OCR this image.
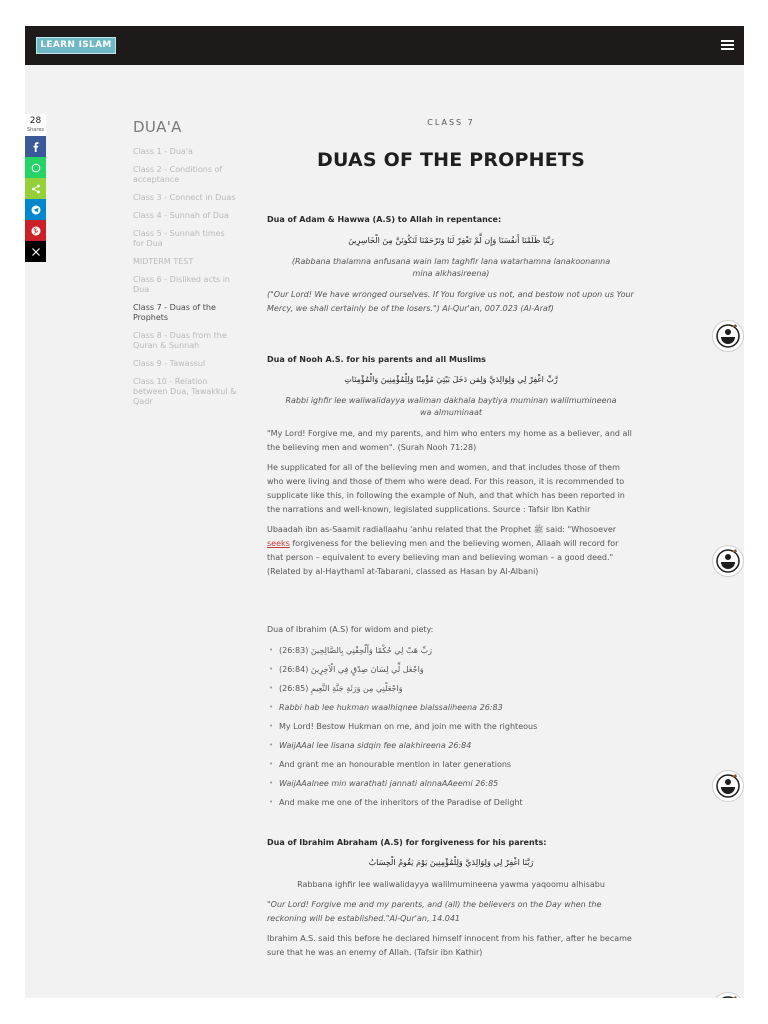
LEARN ISLAM
28
Shares	DUA'A
Class 1 - Dua'a
Class 2 - Conditions of acceptance
Class 3 - Connect in Duas
Class 4 - Sunnah of Dua
Class 5 - Sunnah times for Dua
MIDTERM TEST
Class 6 - Disliked acts in Dua
Class 7 - Duas of the Prophets
Class 8 - Duas from the Quran & Sunnah
Class 9 - Tawassul
Class 10 - Relation between Dua, Tawakkul & Qadr
CLASS 7
DUAS OF THE PROPHETS
Dua of Adam & Hawwa (A.S) to Allah in repentance:
رَبَّنَا ظَلَمْنَا أَنفُسَنَا وَإِن لَّمْ تَغْفِرْ لَنَا وَتَرْحَمْنَا لَنَكُونَنَّ مِنَ الْخَاسِرِينَ
(Rabbana thalamna anfusana wain lam taghfir lana watarhamna lanakoonanna mina alkhasireena)
("Our Lord! We have wronged ourselves. If You forgive us not, and bestow not upon us Your Mercy, we shall certainly be of the losers.") Al-Qur'an, 007.023 (Al-Araf)
Dua of Nooh A.S. for his parents and all Muslims
رَّبِّ اغْفِرْ لِي وَلِوَالِدَيَّ وَلِمَن دَخَلَ بَيْتِيَ مُؤْمِنًا وَلِلْمُؤْمِنِينَ وَالْمُؤْمِنَاتِ
Rabbi ighfir lee waliwalidayya waliman dakhala baytiya muminan walilmumineena wa almuminaat
"My Lord! Forgive me, and my parents, and him who enters my home as a believer, and all the believing men and women". (Surah Nooh 71:28)
He supplicated for all of the believing men and women, and that includes those of them who were living and those of them who were dead. For this reason, it is recommended to supplicate like this, in following the example of Nuh, and that which has been reported in the narrations and well-known, legislated supplications. Source : Tafsir Ibn Kathir
Ubaadah ibn as-Saamit radiallaahu 'anhu related that the Prophet ﷺ said: "Whosoever seeks forgiveness for the believing men and the believing women, Allaah will record for that person – equivalent to every believing man and believing woman – a good deed." (Related by al-Haythamī at-Tabarani, classed as Hasan by Al-Albani)
Dua of Ibrahim (A.S) for widom and piety:
• رَبِّ هَبْ لِي حُكْمًا وَأَلْحِقْنِي بِالصَّالِحِينَ (26:83)
• وَاجْعَل لِّي لِسَانَ صِدْقٍ فِي الْآخِرِينَ (26:84)
• وَاجْعَلْنِي مِن وَرَثَةِ جَنَّةِ النَّعِيمِ (26:85)
• Rabbi hab lee hukman waalhiqnee bialssaliheena 26:83
• My Lord! Bestow Hukman on me, and join me with the righteous
• WaijAAal lee lisana sidqin fee alakhireena 26:84
• And grant me an honourable mention in later generations
• WaijAAalnee min warathati jannati alnnaAAeemi 26:85
• And make me one of the inheritors of the Paradise of Delight
Dua of Ibrahim Abraham (A.S) for forgiveness for his parents:
رَبَّنَا اغْفِرْ لِي وَلِوَالِدَيَّ وَلِلْمُؤْمِنِينَ يَوْمَ يَقُومُ الْحِسَابُ
Rabbana ighfir lee waliwalidayya walilmumineena yawma yaqoomu alhisabu
"Our Lord! Forgive me and my parents, and (all) the believers on the Day when the reckoning will be established."Al-Qur'an, 14.041
Ibrahim A.S. said this before he declared himself innocent from his father, after he became sure that he was an enemy of Allah. (Tafsir ibn Kathir)
